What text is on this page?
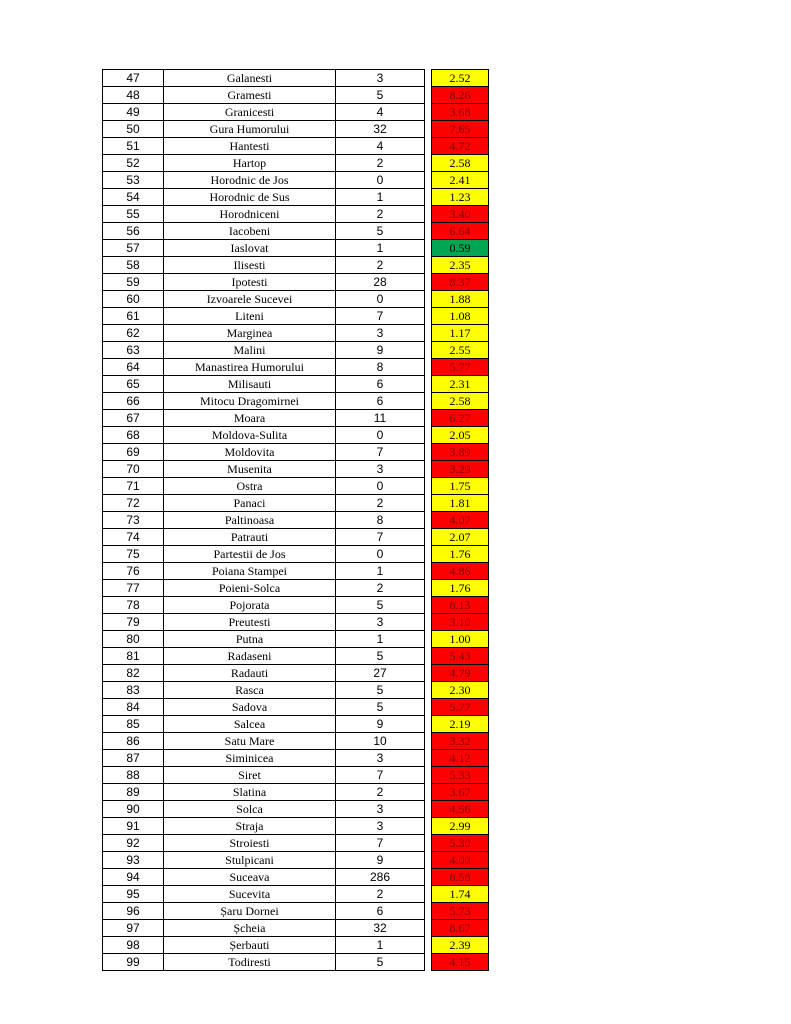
47	Galanesti	3		2.52
48	Gramesti	5		8.26
49	Granicesti	4		3.68
50	Gura Humorului	32		7.65
51	Hantesti	4		4.72
52	Hartop	2		2.58
53	Horodnic de Jos	0		2.41
54	Horodnic de Sus	1		1.23
55	Horodniceni	2		3.40
56	Iacobeni	5		6.64
57	Iaslovat	1		0.59
58	Ilisesti	2		2.35
59	Ipotesti	28		8.37
60	Izvoarele Sucevei	0		1.88
61	Liteni	7		1.08
62	Marginea	3		1.17
63	Malini	9		2.55
64	Manastirea Humorului	8		5.77
65	Milisauti	6		2.31
66	Mitocu Dragomirnei	6		2.58
67	Moara	11		6.27
68	Moldova-Sulita	0		2.05
69	Moldovita	7		3.89
70	Musenita	3		3.29
71	Ostra	0		1.75
72	Panaci	2		1.81
73	Paltinoasa	8		4.07
74	Patrauti	7		2.07
75	Partestii de Jos	0		1.76
76	Poiana Stampei	1		4.86
77	Poieni-Solca	2		1.76
78	Pojorata	5		8.13
79	Preutesti	3		3.10
80	Putna	1		1.00
81	Radaseni	5		5.43
82	Radauti	27		4.79
83	Rasca	5		2.30
84	Sadova	5		5.77
85	Salcea	9		2.19
86	Satu Mare	10		3.32
87	Siminicea	3		4.12
88	Siret	7		5.33
89	Slatina	2		3.67
90	Solca	3		4.56
91	Straja	3		2.99
92	Stroiesti	7		5.30
93	Stulpicani	9		4.00
94	Suceava	286		8.58
95	Sucevita	2		1.74
96	Șaru Dornei	6		5.73
97	Șcheia	32		8.67
98	Șerbauti	1		2.39
99	Todiresti	5		4.15
